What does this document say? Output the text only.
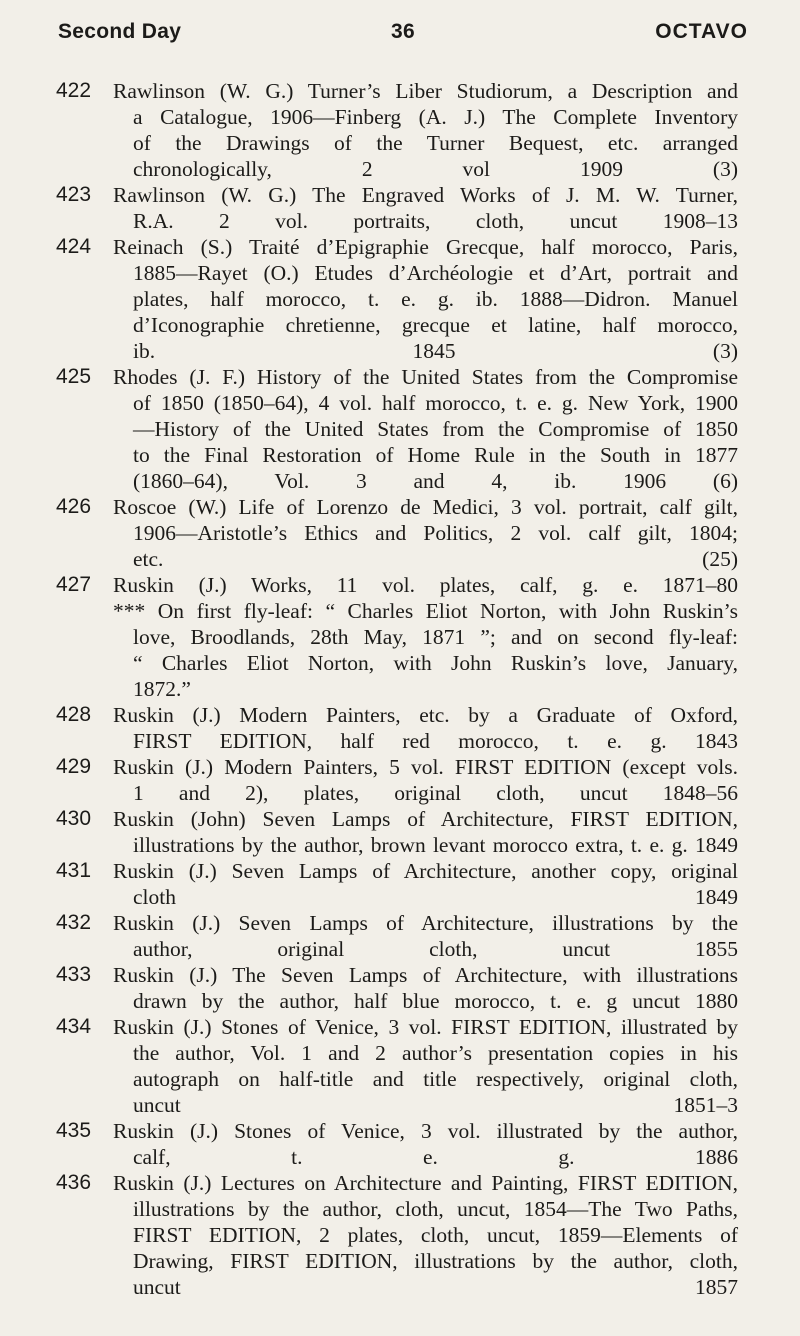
Second Day	36	OCTAVO
422 Rawlinson (W. G.) Turner’s Liber Studiorum, a Description and
a Catalogue, 1906—Finberg (A. J.) The Complete Inventory
of the Drawings of the Turner Bequest, etc. arranged
chronologically, 2 vol 1909 (3)
423 Rawlinson (W. G.) The Engraved Works of J. M. W. Turner,
R.A. 2 vol. portraits, cloth, uncut 1908–13
424 Reinach (S.) Traité d’Epigraphie Grecque, half morocco, Paris,
1885—Rayet (O.) Etudes d’Archéologie et d’Art, portrait and
plates, half morocco, t. e. g. ib. 1888—Didron. Manuel
d’Iconographie chretienne, grecque et latine, half morocco,
ib. 1845 (3)
425 Rhodes (J. F.) History of the United States from the Compromise
of 1850 (1850–64), 4 vol. half morocco, t. e. g. New York, 1900
—History of the United States from the Compromise of 1850
to the Final Restoration of Home Rule in the South in 1877
(1860–64), Vol. 3 and 4, ib. 1906 (6)
426 Roscoe (W.) Life of Lorenzo de Medici, 3 vol. portrait, calf gilt,
1906—Aristotle’s Ethics and Politics, 2 vol. calf gilt, 1804;
etc. (25)
427 Ruskin (J.) Works, 11 vol. plates, calf, g. e. 1871–80
*** On first fly-leaf: “ Charles Eliot Norton, with John Ruskin’s
love, Broodlands, 28th May, 1871 ”; and on second fly-leaf:
“ Charles Eliot Norton, with John Ruskin’s love, January,
1872.”
428 Ruskin (J.) Modern Painters, etc. by a Graduate of Oxford,
FIRST EDITION, half red morocco, t. e. g. 1843
429 Ruskin (J.) Modern Painters, 5 vol. FIRST EDITION (except vols.
1 and 2), plates, original cloth, uncut 1848–56
430 Ruskin (John) Seven Lamps of Architecture, FIRST EDITION,
illustrations by the author, brown levant morocco extra, t. e. g. 1849
431 Ruskin (J.) Seven Lamps of Architecture, another copy, original
cloth 1849
432 Ruskin (J.) Seven Lamps of Architecture, illustrations by the
author, original cloth, uncut 1855
433 Ruskin (J.) The Seven Lamps of Architecture, with illustrations
drawn by the author, half blue morocco, t. e. g uncut 1880
434 Ruskin (J.) Stones of Venice, 3 vol. FIRST EDITION, illustrated by
the author, Vol. 1 and 2 author’s presentation copies in his
autograph on half-title and title respectively, original cloth,
uncut 1851–3
435 Ruskin (J.) Stones of Venice, 3 vol. illustrated by the author,
calf, t. e. g. 1886
436 Ruskin (J.) Lectures on Architecture and Painting, FIRST EDITION,
illustrations by the author, cloth, uncut, 1854—The Two Paths,
FIRST EDITION, 2 plates, cloth, uncut, 1859—Elements of
Drawing, FIRST EDITION, illustrations by the author, cloth,
uncut 1857
